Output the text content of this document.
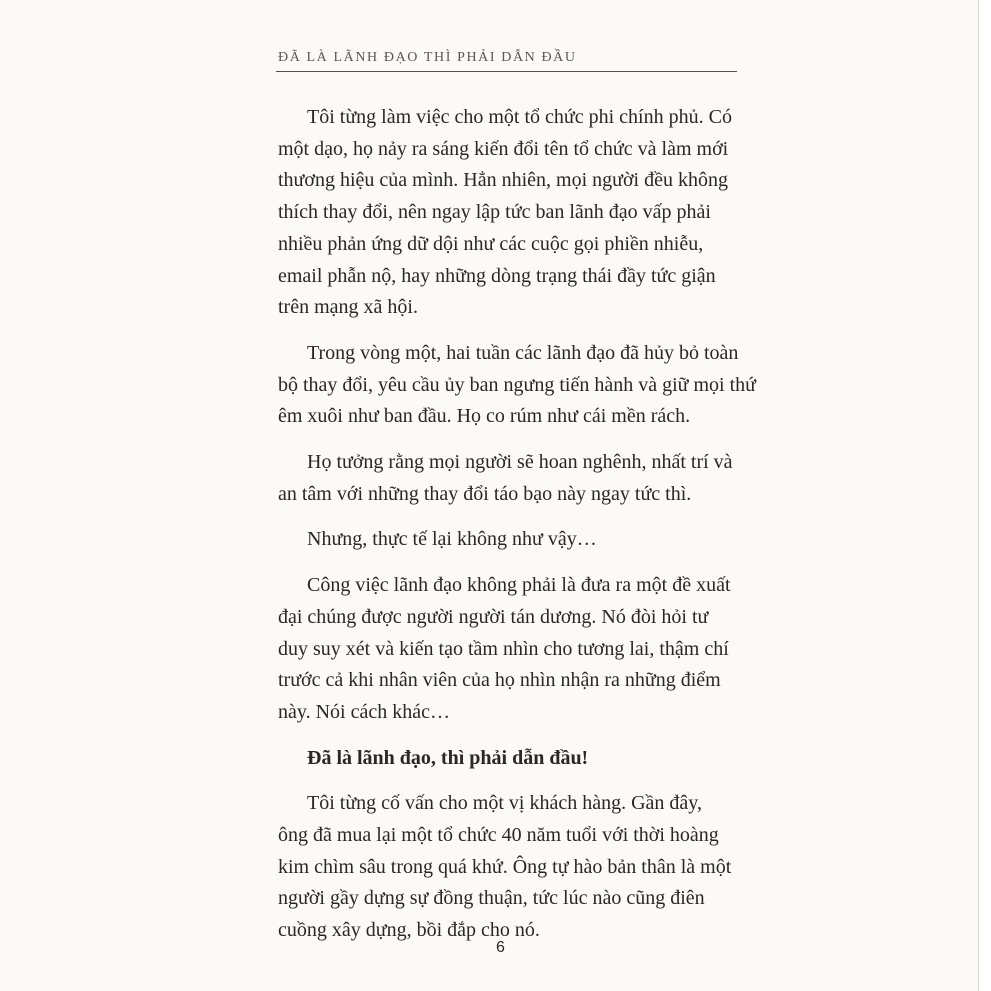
ĐÃ LÀ LÃNH ĐẠO THÌ PHẢI DẪN ĐẦU

Tôi từng làm việc cho một tổ chức phi chính phủ. Có
một dạo, họ nảy ra sáng kiến đổi tên tổ chức và làm mới
thương hiệu của mình. Hẳn nhiên, mọi người đều không
thích thay đổi, nên ngay lập tức ban lãnh đạo vấp phải
nhiều phản ứng dữ dội như các cuộc gọi phiền nhiễu,
email phẫn nộ, hay những dòng trạng thái đầy tức giận
trên mạng xã hội.

Trong vòng một, hai tuần các lãnh đạo đã hủy bỏ toàn
bộ thay đổi, yêu cầu ủy ban ngưng tiến hành và giữ mọi thứ
êm xuôi như ban đầu. Họ co rúm như cái mền rách.

Họ tưởng rằng mọi người sẽ hoan nghênh, nhất trí và
an tâm với những thay đổi táo bạo này ngay tức thì.

Nhưng, thực tế lại không như vậy…

Công việc lãnh đạo không phải là đưa ra một đề xuất
đại chúng được người người tán dương. Nó đòi hỏi tư
duy suy xét và kiến tạo tầm nhìn cho tương lai, thậm chí
trước cả khi nhân viên của họ nhìn nhận ra những điểm
này. Nói cách khác…

Đã là lãnh đạo, thì phải dẫn đầu!

Tôi từng cố vấn cho một vị khách hàng. Gần đây,
ông đã mua lại một tổ chức 40 năm tuổi với thời hoàng
kim chìm sâu trong quá khứ. Ông tự hào bản thân là một
người gầy dựng sự đồng thuận, tức lúc nào cũng điên
cuồng xây dựng, bồi đắp cho nó.

6
